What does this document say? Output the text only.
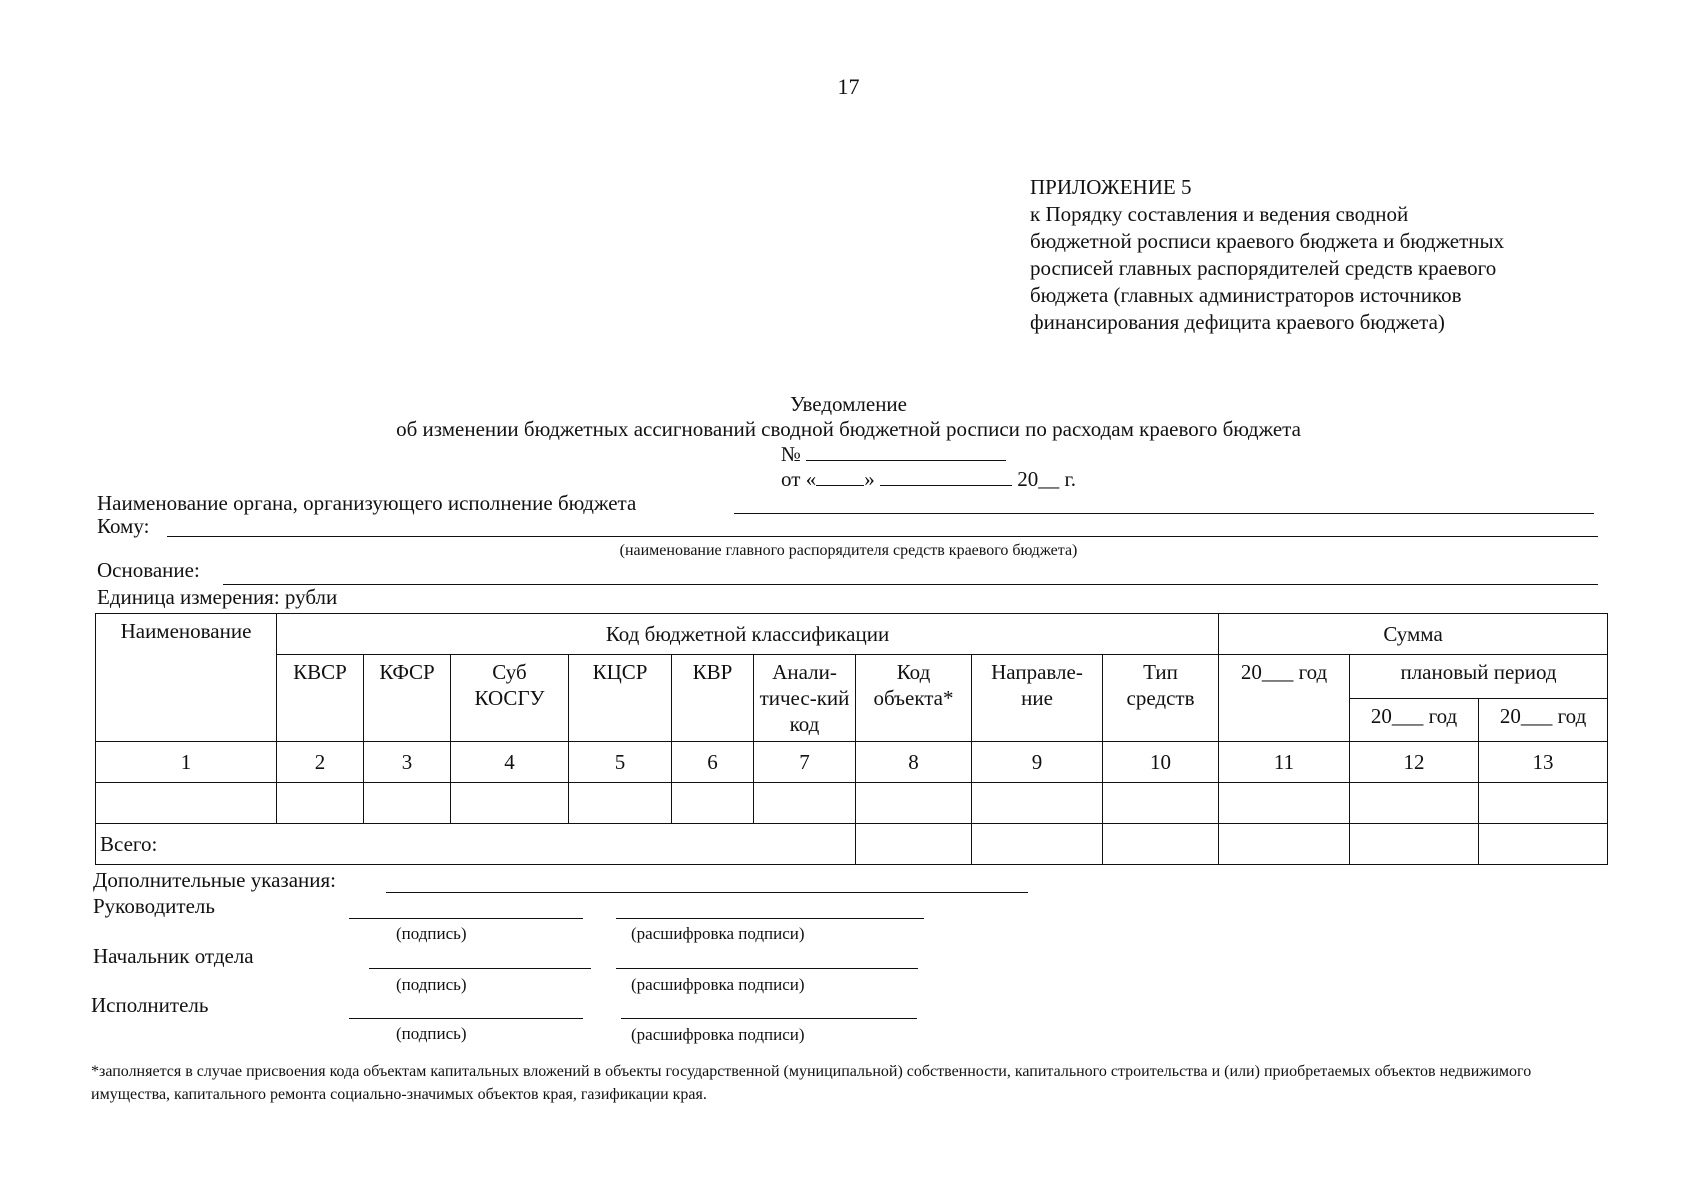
17
ПРИЛОЖЕНИЕ 5
к Порядку составления и ведения сводной
бюджетной росписи краевого бюджета и бюджетных
росписей главных распорядителей средств краевого
бюджета (главных администраторов источников
финансирования дефицита краевого бюджета)
Уведомление
об изменении бюджетных ассигнований сводной бюджетной росписи по расходам краевого бюджета
№
от « »	20__ г.
Наименование органа, организующего исполнение бюджета
Кому:
(наименование главного распорядителя средств краевого бюджета)
Основание:
Единица измерения: рубли
Наименование	Код бюджетной классификации									Сумма		
	КВСР	КФСР	Суб КОСГУ	КЦСР	КВР	Анали-тичес-кий код	Код объекта*	Направле-ние	Тип средств	20___ год	плановый период	
											20___ год	20___ год
1	2	3	4	5	6	7	8	9	10	11	12	13

Всего:												
Дополнительные указания:
Руководитель
(подпись)	(расшифровка подписи)
Начальник отдела
(подпись)	(расшифровка подписи)
Исполнитель
(подпись)	(расшифровка подписи)
*заполняется в случае присвоения кода объектам капитальных вложений в объекты государственной (муниципальной) собственности, капитального строительства и (или) приобретаемых объектов недвижимого имущества, капитального ремонта социально-значимых объектов края, газификации края.
